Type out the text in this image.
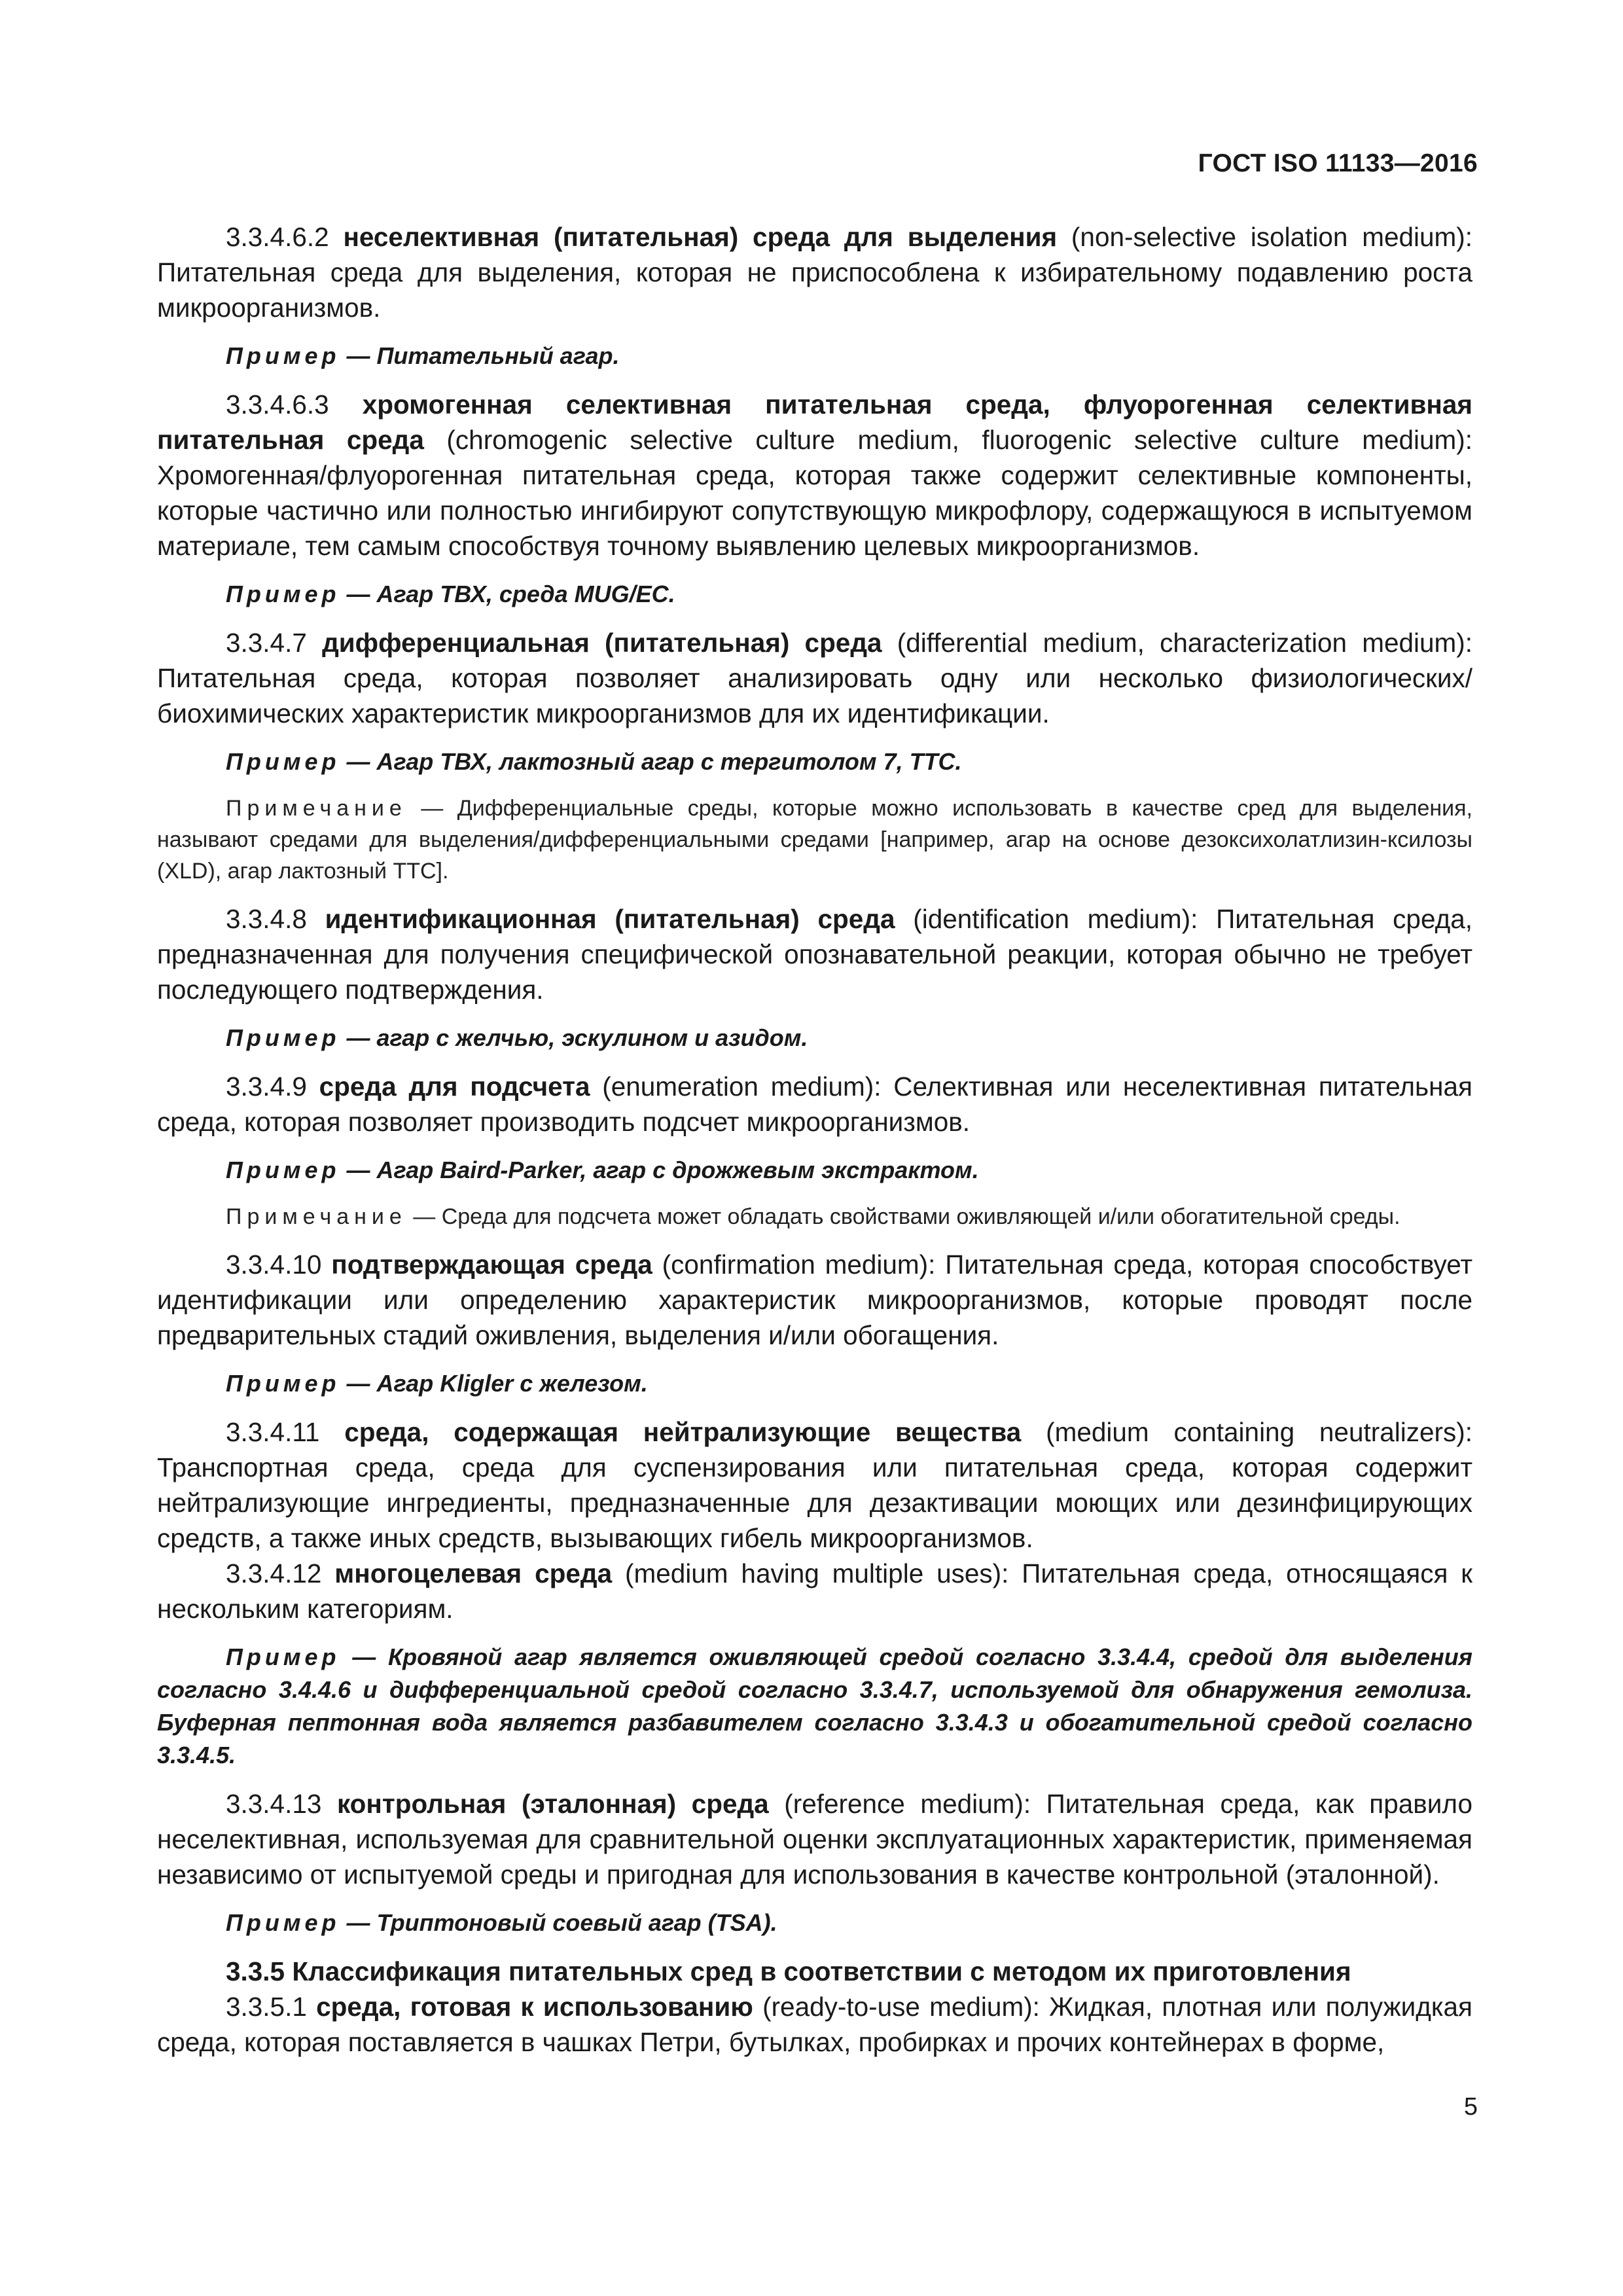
ГОСТ ISO 11133—2016

3.3.4.6.2 неселективная (питательная) среда для выделения (non-selective isolation medium): Питательная среда для выделения, которая не приспособлена к избирательному подавлению роста микроорганизмов.

Пример — Питательный агар.

3.3.4.6.3 хромогенная селективная питательная среда, флуорогенная селективная питательная среда (chromogenic selective culture medium, fluorogenic selective culture medium): Хромогенная/флуорогенная питательная среда, которая также содержит селективные компоненты, которые частично или полностью ингибируют сопутствующую микрофлору, содержащуюся в испытуемом материале, тем самым способствуя точному выявлению целевых микроорганизмов.

Пример — Агар ТВХ, среда MUG/EC.

3.3.4.7 дифференциальная (питательная) среда (differential medium, characterization medium): Питательная среда, которая позволяет анализировать одну или несколько физиологических/биохимических характеристик микроорганизмов для их идентификации.

Пример — Агар ТВХ, лактозный агар с тергитолом 7, ТТС.

Примечание — Дифференциальные среды, которые можно использовать в качестве сред для выделения, называют средами для выделения/дифференциальными средами [например, агар на основе дезоксихолатлизин-ксилозы (XLD), агар лактозный ТТС].

3.3.4.8 идентификационная (питательная) среда (identification medium): Питательная среда, предназначенная для получения специфической опознавательной реакции, которая обычно не требует последующего подтверждения.

Пример — агар с желчью, эскулином и азидом.

3.3.4.9 среда для подсчета (enumeration medium): Селективная или неселективная питательная среда, которая позволяет производить подсчет микроорганизмов.

Пример — Агар Baird-Parker, агар с дрожжевым экстрактом.

Примечание — Среда для подсчета может обладать свойствами оживляющей и/или обогатительной среды.

3.3.4.10 подтверждающая среда (confirmation medium): Питательная среда, которая способствует идентификации или определению характеристик микроорганизмов, которые проводят после предварительных стадий оживления, выделения и/или обогащения.

Пример — Агар Kligler с железом.

3.3.4.11 среда, содержащая нейтрализующие вещества (medium containing neutralizers): Транспортная среда, среда для суспензирования или питательная среда, которая содержит нейтрализующие ингредиенты, предназначенные для дезактивации моющих или дезинфицирующих средств, а также иных средств, вызывающих гибель микроорганизмов.

3.3.4.12 многоцелевая среда (medium having multiple uses): Питательная среда, относящаяся к нескольким категориям.

Пример — Кровяной агар является оживляющей средой согласно 3.3.4.4, средой для выделения согласно 3.4.4.6 и дифференциальной средой согласно 3.3.4.7, используемой для обнаружения гемолиза. Буферная пептонная вода является разбавителем согласно 3.3.4.3 и обогатительной средой согласно 3.3.4.5.

3.3.4.13 контрольная (эталонная) среда (reference medium): Питательная среда, как правило неселективная, используемая для сравнительной оценки эксплуатационных характеристик, применяемая независимо от испытуемой среды и пригодная для использования в качестве контрольной (эталонной).

Пример — Триптоновый соевый агар (TSA).

3.3.5 Классификация питательных сред в соответствии с методом их приготовления

3.3.5.1 среда, готовая к использованию (ready-to-use medium): Жидкая, плотная или полужидкая среда, которая поставляется в чашках Петри, бутылках, пробирках и прочих контейнерах в форме,

5
